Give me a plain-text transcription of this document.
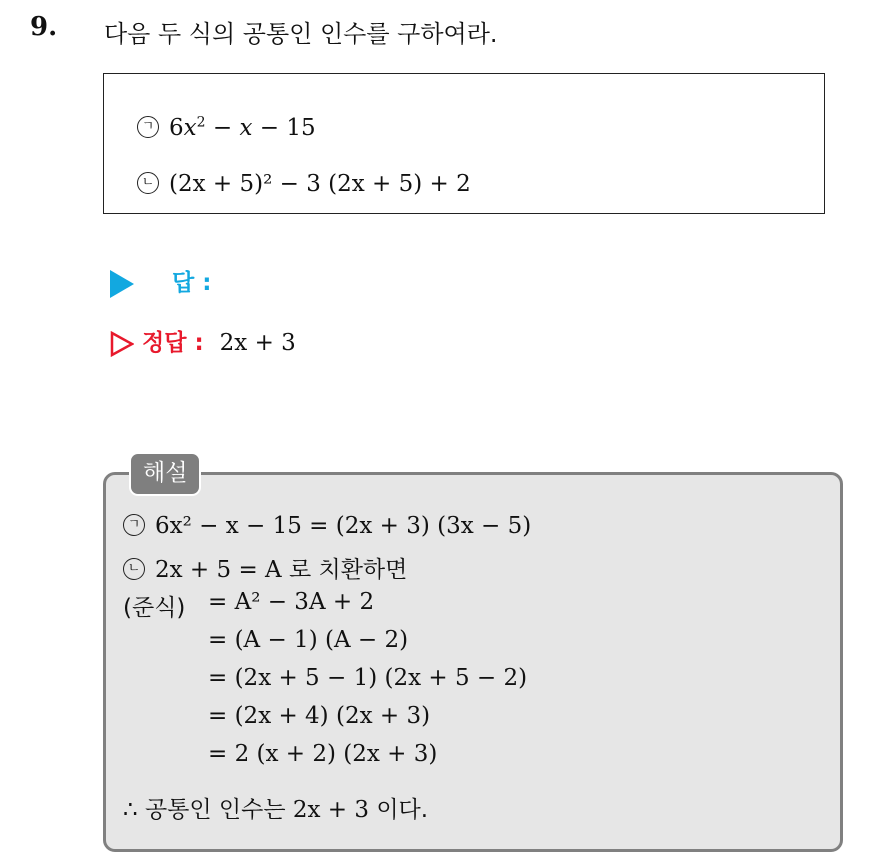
9. 다음 두 식의 공통인 인수를 구하여라.
ㄱ $6x^2 - x - 15$
ㄴ (2x + 5)² − 3 (2x + 5) + 2
답 :
정답 : 2x + 3
ㄱ 6x² − x − 15 = (2x + 3) (3x − 5)
ㄴ 2x + 5 = A 로 치환하면
(준식) = A² − 3A + 2
= (A − 1) (A − 2)
= (2x + 5 − 1) (2x + 5 − 2)
= (2x + 4) (2x + 3)
= 2 (x + 2) (2x + 3)
∴ 공통인 인수는 2x + 3 이다.
해설
